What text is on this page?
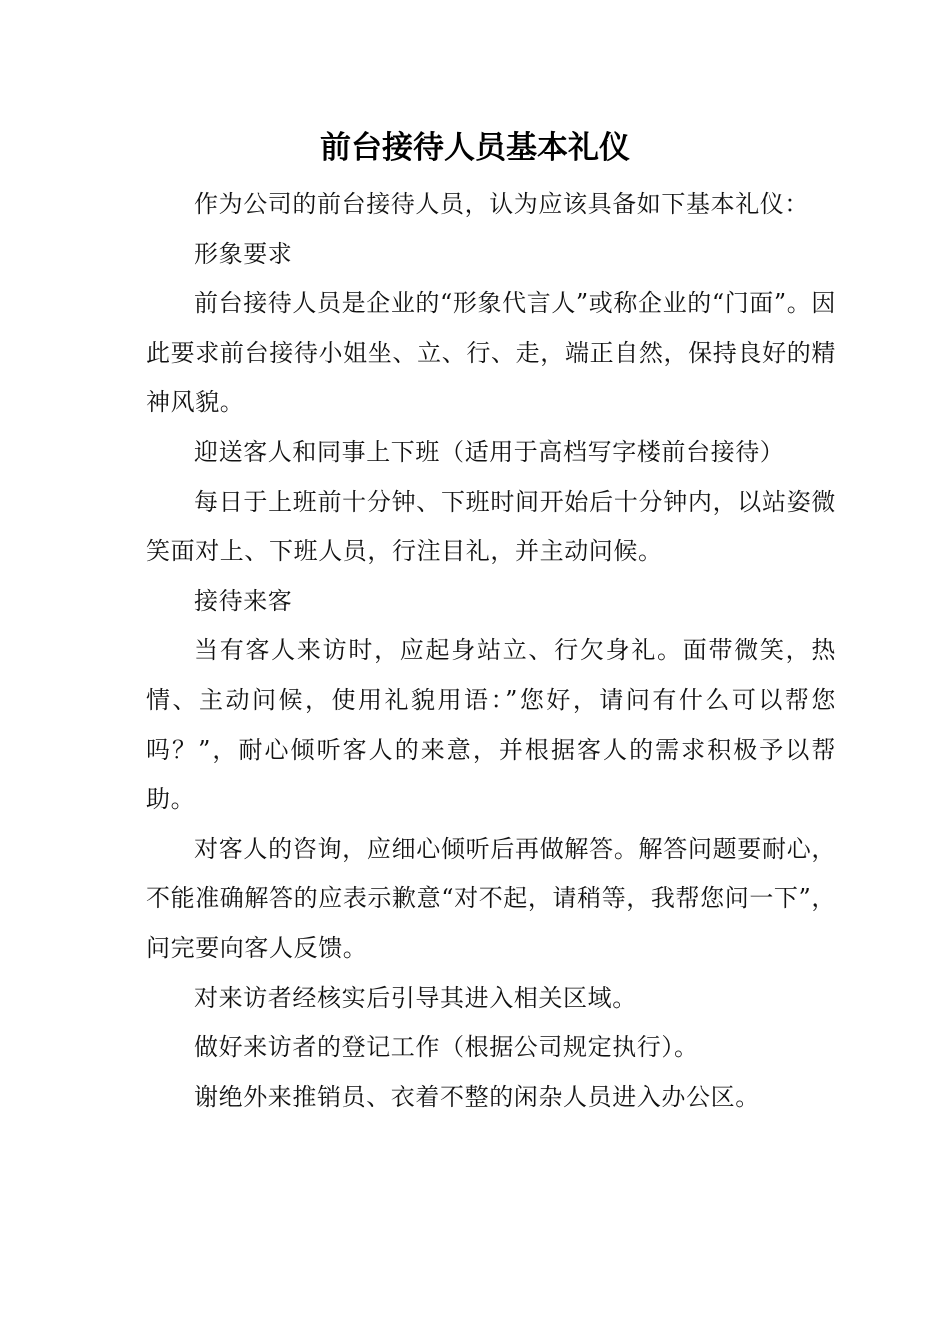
前台接待人员基本礼仪

作为公司的前台接待人员，认为应该具备如下基本礼仪：

形象要求

前台接待人员是企业的“形象代言人”或称企业的“门面”。因此要求前台接待小姐坐、立、行、走，端正自然，保持良好的精神风貌。

迎送客人和同事上下班（适用于高档写字楼前台接待）

每日于上班前十分钟、下班时间开始后十分钟内，以站姿微笑面对上、下班人员，行注目礼，并主动问候。

接待来客

当有客人来访时，应起身站立、行欠身礼。面带微笑，热情、主动问候，使用礼貌用语：”您好，请问有什么可以帮您吗？”，耐心倾听客人的来意，并根据客人的需求积极予以帮助。

对客人的咨询，应细心倾听后再做解答。解答问题要耐心，不能准确解答的应表示歉意“对不起，请稍等，我帮您问一下”，问完要向客人反馈。

对来访者经核实后引导其进入相关区域。

做好来访者的登记工作（根据公司规定执行）。

谢绝外来推销员、衣着不整的闲杂人员进入办公区。
